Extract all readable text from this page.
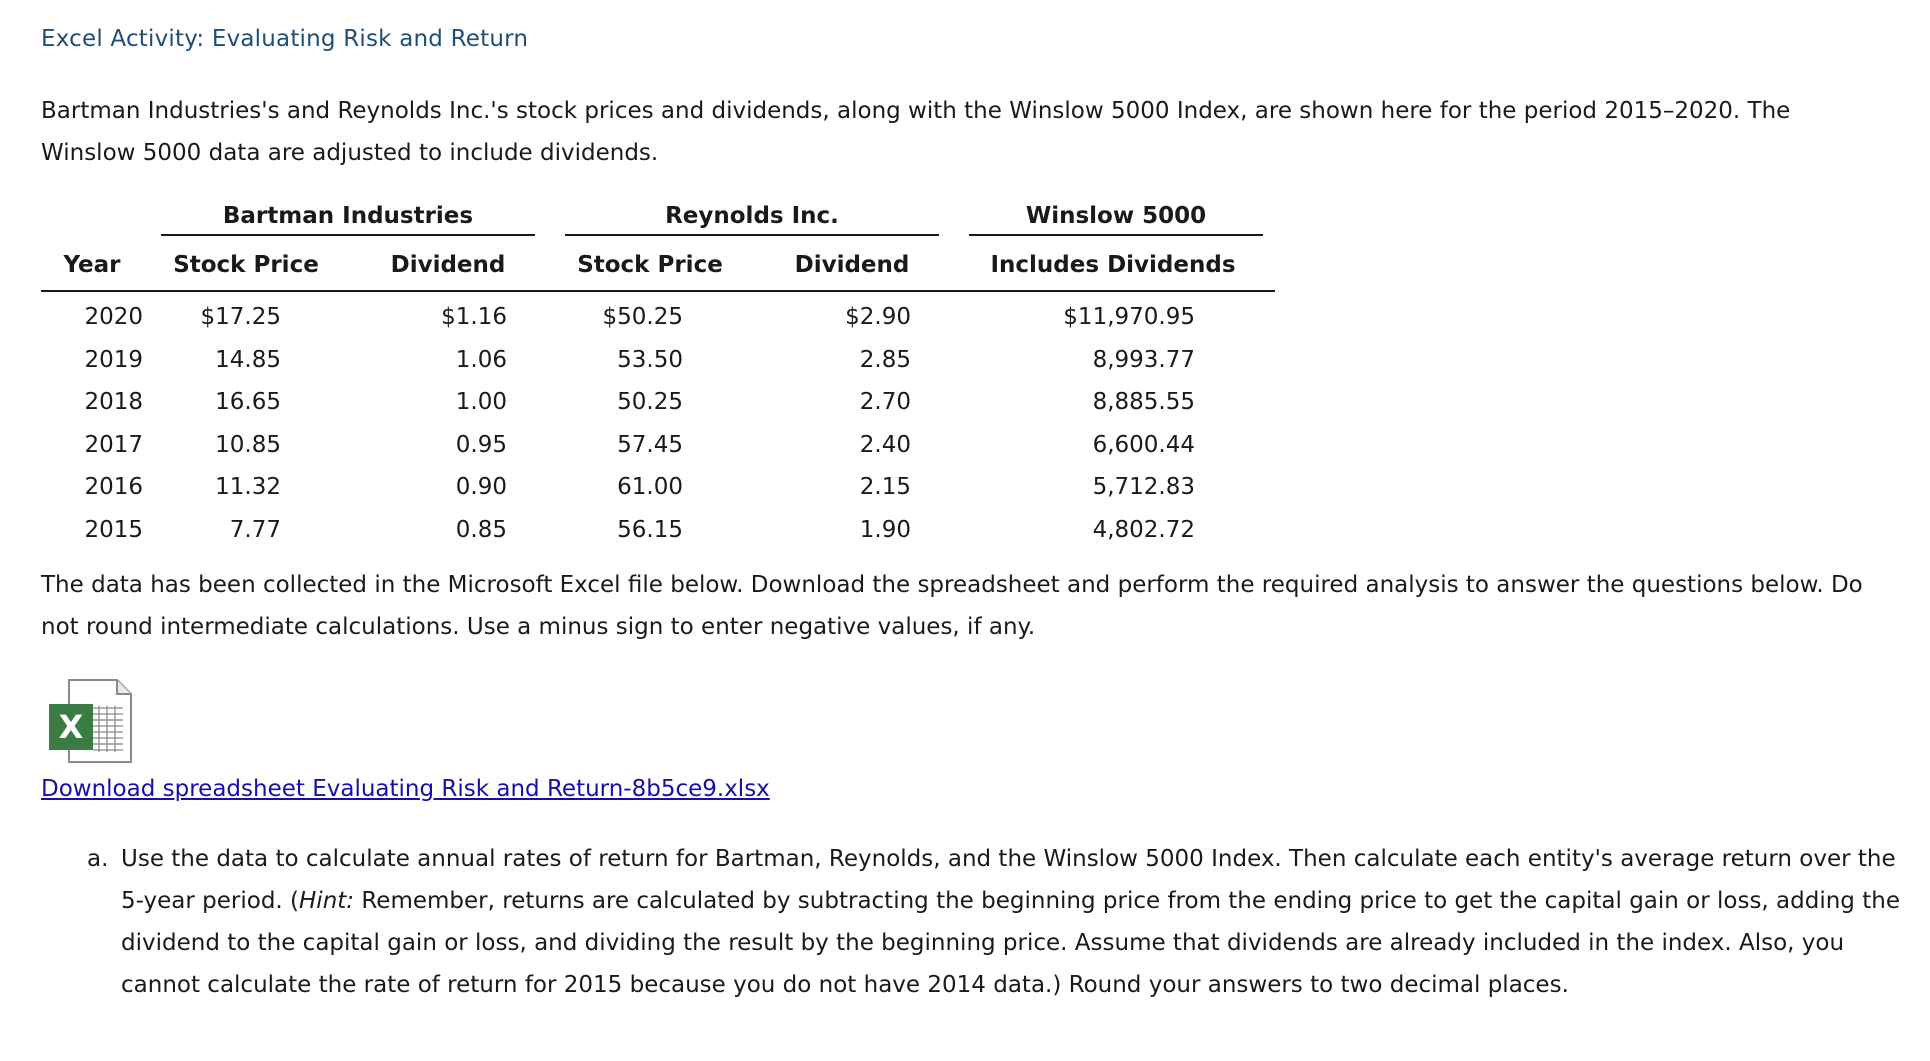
Excel Activity: Evaluating Risk and Return
Bartman Industries's and Reynolds Inc.'s stock prices and dividends, along with the Winslow 5000 Index, are shown here for the period 2015–2020. The Winslow 5000 data are adjusted to include dividends.

	Bartman Industries		Reynolds Inc.		Winslow 5000

Year	Stock Price	Dividend	Stock Price	Dividend	Includes Dividends
2020	$17.25	$1.16	$50.25	$2.90	$11,970.95
2019	14.85	1.06	53.50	2.85	8,993.77
2018	16.65	1.00	50.25	2.70	8,885.55
2017	10.85	0.95	57.45	2.40	6,600.44
2016	11.32	0.90	61.00	2.15	5,712.83
2015	7.77	0.85	56.15	1.90	4,802.72
The data has been collected in the Microsoft Excel file below. Download the spreadsheet and perform the required analysis to answer the questions below. Do not round intermediate calculations. Use a minus sign to enter negative values, if any.
X
Download spreadsheet Evaluating Risk and Return-8b5ce9.xlsx
a. Use the data to calculate annual rates of return for Bartman, Reynolds, and the Winslow 5000 Index. Then calculate each entity's average return over the 5-year period. (Hint: Remember, returns are calculated by subtracting the beginning price from the ending price to get the capital gain or loss, adding the dividend to the capital gain or loss, and dividing the result by the beginning price. Assume that dividends are already included in the index. Also, you cannot calculate the rate of return for 2015 because you do not have 2014 data.) Round your answers to two decimal places.
